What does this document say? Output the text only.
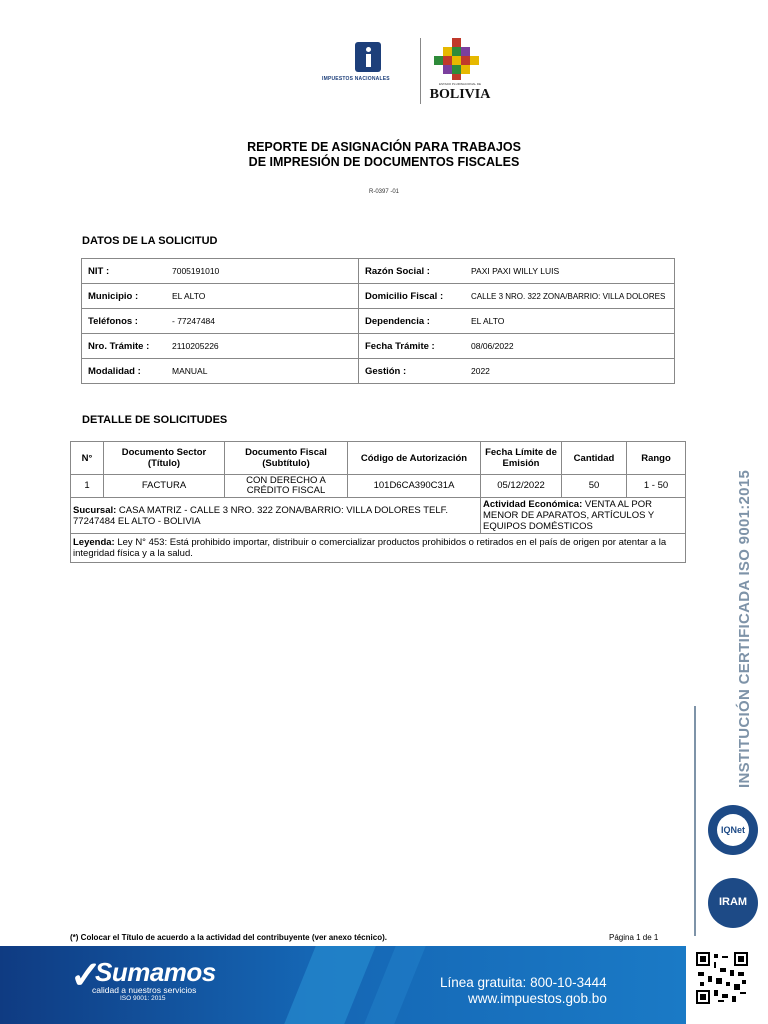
IMPUESTOS NACIONALES
ESTADO PLURINACIONAL DE
BOLIVIA
REPORTE DE ASIGNACIÓN PARA TRABAJOS
DE IMPRESIÓN DE DOCUMENTOS FISCALES
R-0397 -01
DATOS DE LA SOLICITUD
NIT :	7005191010	Razón Social :	PAXI PAXI WILLY LUIS
Municipio :	EL ALTO	Domicilio Fiscal :	CALLE 3 NRO. 322 ZONA/BARRIO: VILLA DOLORES
Teléfonos :	- 77247484	Dependencia :	EL ALTO
Nro. Trámite :	2110205226	Fecha Trámite :	08/06/2022
Modalidad :	MANUAL	Gestión :	2022
DETALLE DE SOLICITUDES
N°	Documento Sector (Título)	Documento Fiscal (Subtítulo)	Código de Autorización	Fecha Límite de Emisión	Cantidad	Rango
1	FACTURA	CON DERECHO A CRÉDITO FISCAL	101D6CA390C31A	05/12/2022	50	1 - 50
Sucursal: CASA MATRIZ - CALLE 3 NRO. 322 ZONA/BARRIO: VILLA DOLORES TELF. 77247484 EL ALTO - BOLIVIA				Actividad Económica: VENTA AL POR MENOR DE APARATOS, ARTÍCULOS Y EQUIPOS DOMÉSTICOS		
Leyenda: Ley N° 453: Está prohibido importar, distribuir o comercializar productos prohibidos o retirados en el país de origen por atentar a la integridad física y a la salud.						
(*) Colocar el Título de acuerdo a la actividad del contribuyente (ver anexo técnico).	Página 1 de 1
INSTITUCIÓN CERTIFICADA ISO 9001:2015
IQNet
IRAM
✓
Sumamos
calidad a nuestros servicios
ISO 9001: 2015
Línea gratuita: 800-10-3444
www.impuestos.gob.bo
